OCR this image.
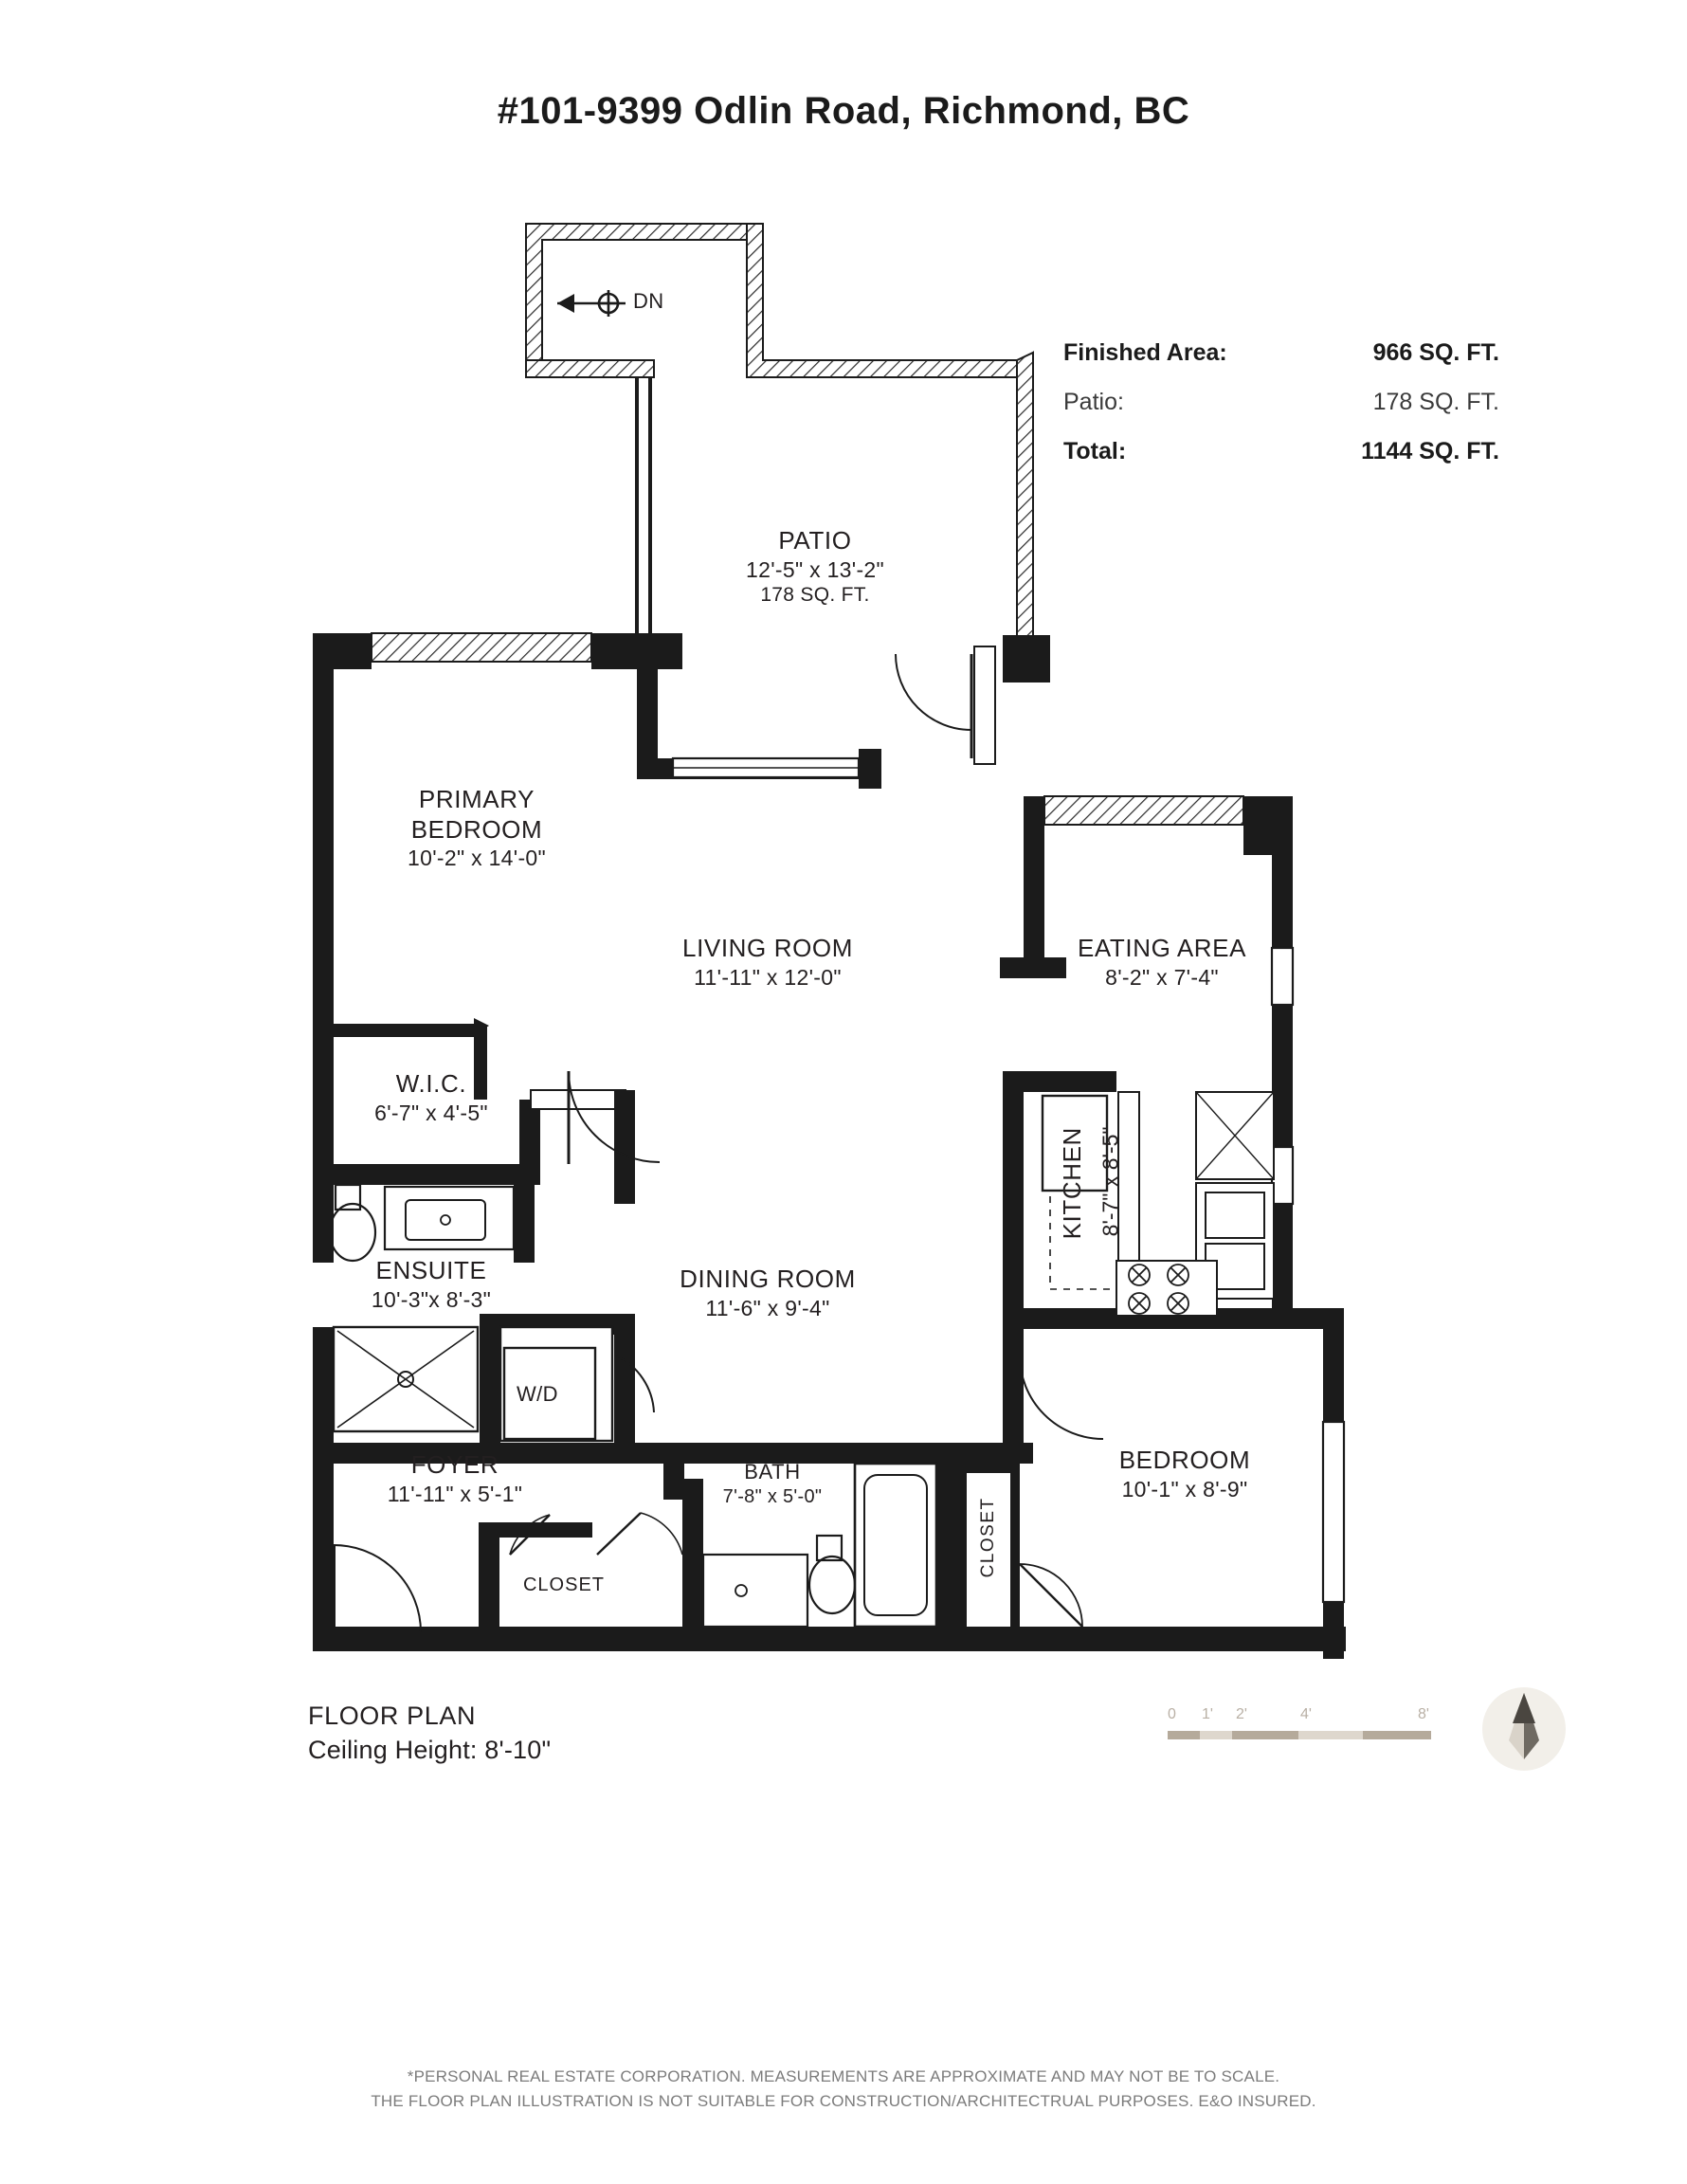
#101-9399 Odlin Road, Richmond, BC
Finished Area:	966 SQ. FT.
Patio:	178 SQ. FT.
Total:	1144 SQ. FT.
DN
PATIO
12'-5" x 13'-2"
178 SQ. FT.
PRIMARY
BEDROOM
10'-2" x 14'-0"
LIVING ROOM
11'-11" x 12'-0"
EATING AREA
8'-2" x 7'-4"
W.I.C.
6'-7" x 4'-5"
KITCHEN 8'-7" x 8'-5"
ENSUITE
10'-3"x 8'-3"
DINING ROOM
11'-6" x 9'-4"
W/D
FOYER
11'-11" x 5'-1"
BATH
7'-8" x 5'-0"
BEDROOM
10'-1" x 8'-9"
CLOSET
CLOSET
FLOOR PLAN
Ceiling Height: 8'-10"
0 1' 2'	4'	8'
*PERSONAL REAL ESTATE CORPORATION. MEASUREMENTS ARE APPROXIMATE AND MAY NOT BE TO SCALE.
THE FLOOR PLAN ILLUSTRATION IS NOT SUITABLE FOR CONSTRUCTION/ARCHITECTRUAL PURPOSES. E&O INSURED.
